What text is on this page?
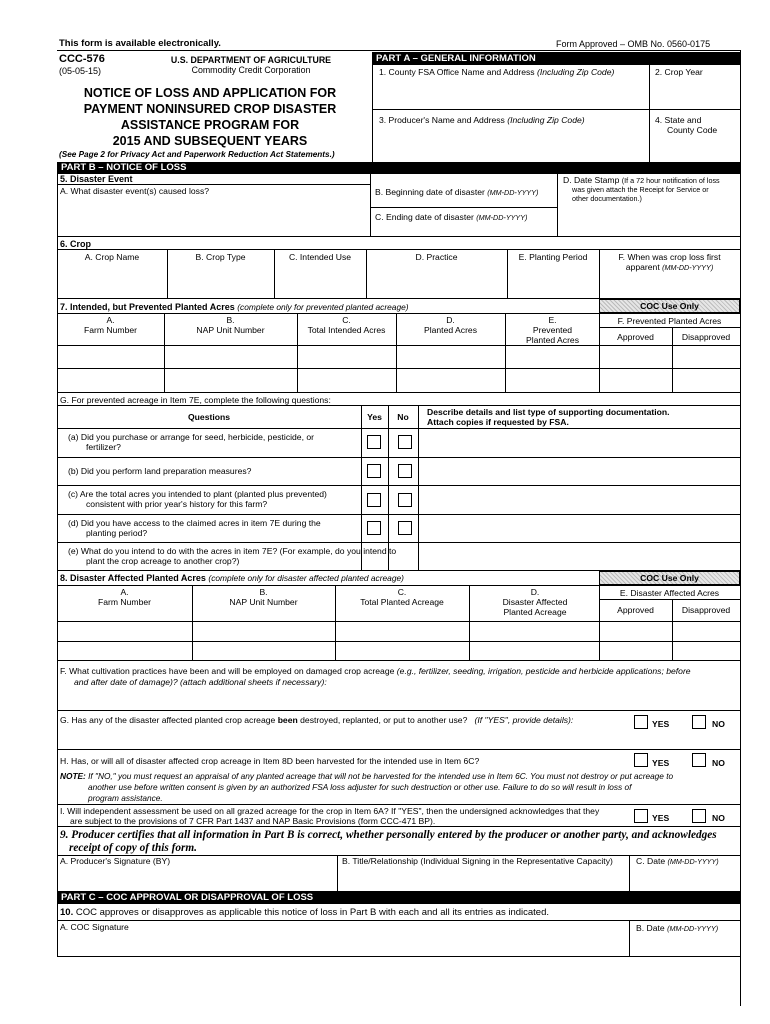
This form is available electronically.	Form Approved – OMB No. 0560-0175
CCC-576
(05-05-15)
U.S. DEPARTMENT OF AGRICULTURE
Commodity Credit Corporation
NOTICE OF LOSS AND APPLICATION FOR
PAYMENT NONINSURED CROP DISASTER
ASSISTANCE PROGRAM FOR
2015 AND SUBSEQUENT YEARS
(See Page 2 for Privacy Act and Paperwork Reduction Act Statements.)
PART A – GENERAL INFORMATION
1. County FSA Office Name and Address (Including Zip Code)	2. Crop Year
3. Producer's Name and Address (Including Zip Code)	4. State and
County Code
PART B – NOTICE OF LOSS
5. Disaster Event
A. What disaster event(s) caused loss?	B. Beginning date of disaster (MM-DD-YYYY)
C. Ending date of disaster (MM-DD-YYYY)
D. Date Stamp (If a 72 hour notification of loss
was given attach the Receipt for Service or
other documentation.)
6. Crop
A. Crop Name	B. Crop Type	C. Intended Use	D. Practice	E. Planting Period	F. When was crop loss first
apparent (MM-DD-YYYY)
7. Intended, but Prevented Planted Acres (complete only for prevented planted acreage)	COC Use Only
A.
Farm Number
B.
NAP Unit Number
C.
Total Intended Acres
D.
Planted Acres
E.
Prevented Planted Acres
F. Prevented Planted Acres
Approved	Disapproved
G. For prevented acreage in Item 7E, complete the following questions:
Questions	Yes	No	Describe details and list type of supporting documentation.
Attach copies if requested by FSA.
(a) Did you purchase or arrange for seed, herbicide, pesticide, or
fertilizer?
(b) Did you perform land preparation measures?
(c) Are the total acres you intended to plant (planted plus prevented)
consistent with prior year's history for this farm?
(d) Did you have access to the claimed acres in item 7E during the
planting period?
(e) What do you intend to do with the acres in item 7E? (For example, do you intend to
plant the crop acreage to another crop?)
8. Disaster Affected Planted Acres (complete only for disaster affected planted acreage)	COC Use Only
A.
Farm Number
B.
NAP Unit Number
C.
Total Planted Acreage
D.
Disaster Affected Planted Acreage
E. Disaster Affected Acres
Approved	Disapproved
F. What cultivation practices have been and will be employed on damaged crop acreage (e.g., fertilizer, seeding, irrigation, pesticide and herbicide applications; before
and after date of damage)? (attach additional sheets if necessary):
G. Has any of the disaster affected planted crop acreage been destroyed, replanted, or put to another use? (If "YES", provide details):	YES	NO
H. Has, or will all of disaster affected crop acreage in Item 8D been harvested for the intended use in Item 6C?	YES	NO
NOTE: If "NO," you must request an appraisal of any planted acreage that will not be harvested for the intended use in Item 6C. You must not destroy or put acreage to
another use before written consent is given by an authorized FSA loss adjuster for such destruction or other use. Failure to do so will result in loss of
program assistance.
I. Will independent assessment be used on all grazed acreage for the crop in Item 6A? If "YES", then the undersigned acknowledges that they
are subject to the provisions of 7 CFR Part 1437 and NAP Basic Provisions (form CCC-471 BP).	YES	NO
9. Producer certifies that all information in Part B is correct, whether personally entered by the producer or another party, and acknowledges
receipt of copy of this form.
A. Producer's Signature (BY)	B. Title/Relationship (Individual Signing in the Representative Capacity)	C. Date (MM-DD-YYYY)
PART C – COC APPROVAL OR DISAPPROVAL OF LOSS
10. COC approves or disapproves as applicable this notice of loss in Part B with each and all its entries as indicated.
A. COC Signature	B. Date (MM-DD-YYYY)
